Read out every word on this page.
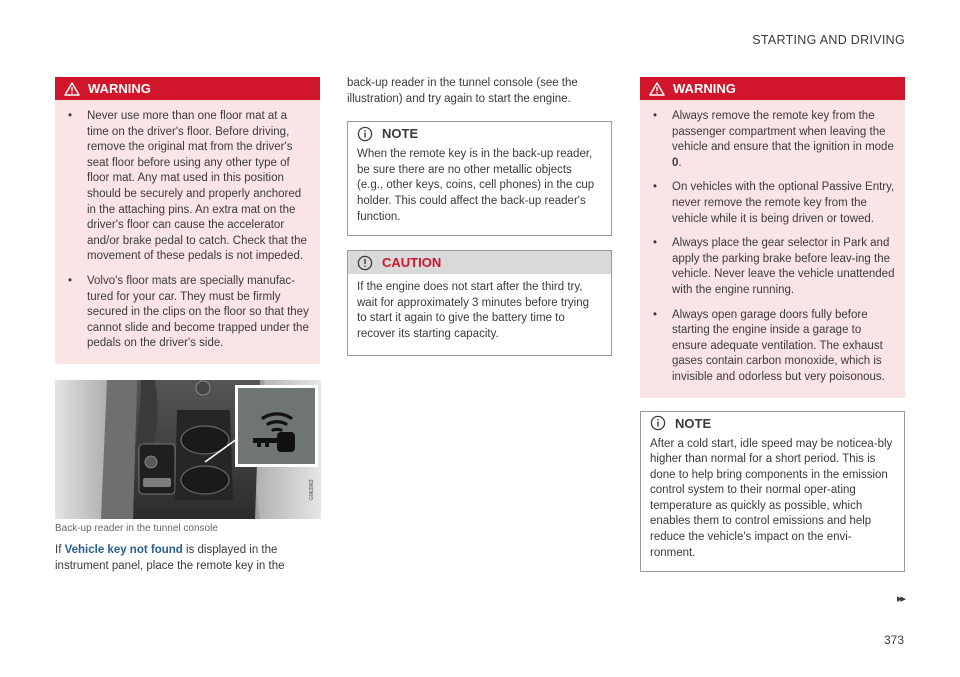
STARTING AND DRIVING
WARNING
• Never use more than one floor mat at a time on the driver's floor. Before driving, remove the original mat from the driver's seat floor before using any other type of floor mat. Any mat used in this position should be securely and properly anchored in the attaching pins. An extra mat on the driver's floor can cause the accelerator and/or brake pedal to catch. Check that the movement of these pedals is not impeded.
• Volvo's floor mats are specially manufac-tured for your car. They must be firmly secured in the clips on the floor so that they cannot slide and become trapped under the pedals on the driver's side.
G062963
Back-up reader in the tunnel console
If Vehicle key not found is displayed in the instrument panel, place the remote key in the

back-up reader in the tunnel console (see the illustration) and try again to start the engine.

NOTE
When the remote key is in the back-up reader, be sure there are no other metallic objects (e.g., other keys, coins, cell phones) in the cup holder. This could affect the back-up reader's function.
CAUTION
If the engine does not start after the third try, wait for approximately 3 minutes before trying to start it again to give the battery time to recover its starting capacity.
WARNING
• Always remove the remote key from the passenger compartment when leaving the vehicle and ensure that the ignition in mode 0.
• On vehicles with the optional Passive Entry, never remove the remote key from the vehicle while it is being driven or towed.
• Always place the gear selector in Park and apply the parking brake before leav-ing the vehicle. Never leave the vehicle unattended with the engine running.
• Always open garage doors fully before starting the engine inside a garage to ensure adequate ventilation. The exhaust gases contain carbon monoxide, which is invisible and odorless but very poisonous.
NOTE
After a cold start, idle speed may be noticea-bly higher than normal for a short period. This is done to help bring components in the emission control system to their normal oper-ating temperature as quickly as possible, which enables them to control emissions and help reduce the vehicle's impact on the envi-ronment.
▸▸
373
